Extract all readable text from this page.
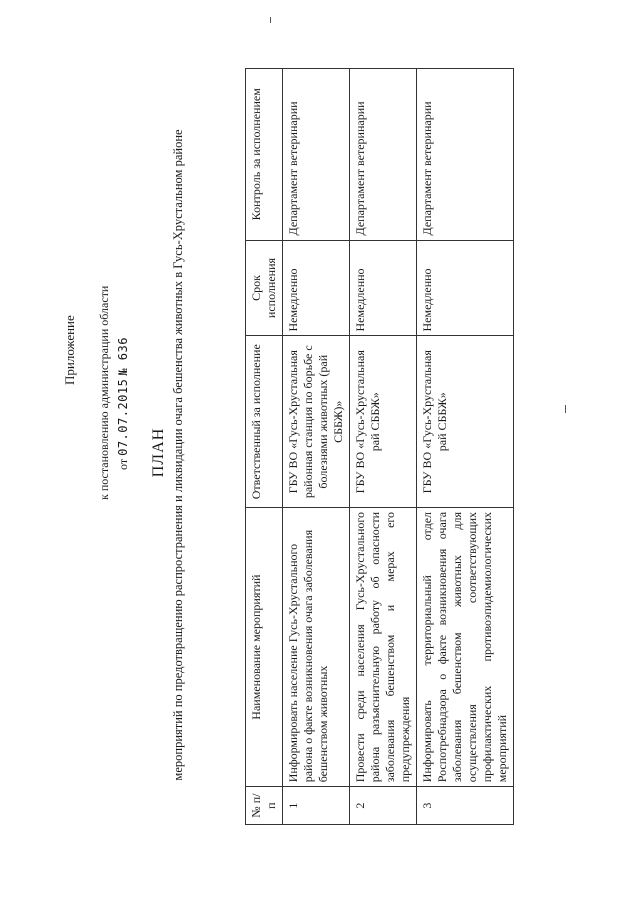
Приложение к постановлению администрации области от 07.07.2015 № 636
ПЛАН мероприятий по предотвращению распространения и ликвидации очага бешенства животных в Гусь-Хрустальном районе
№ п/п	Наименование мероприятий	Ответственный за исполнение	Срок исполнения	Контроль за исполнением
1	Информировать население Гусь-Хрустального района о факте возникновения очага заболевания бешенством животных	ГБУ ВО «Гусь-Хрустальная районная станция по борьбе с болезнями животных (рай СББЖ)»	Немедленно	Департамент ветеринарии
2	Провести среди населения Гусь-Хрустального района разъяснительную работу об опасности заболевания бешенством и мерах его предупреждения	ГБУ ВО «Гусь-Хрустальная рай СББЖ»	Немедленно	Департамент ветеринарии
3	Информировать территориальный отдел Роспотребнадзора о факте возникновения очага заболевания бешенством животных для осуществления соответствующих профилактических противоэпидемиологических мероприятий	ГБУ ВО «Гусь-Хрустальная рай СББЖ»	Немедленно	Департамент ветеринарии
